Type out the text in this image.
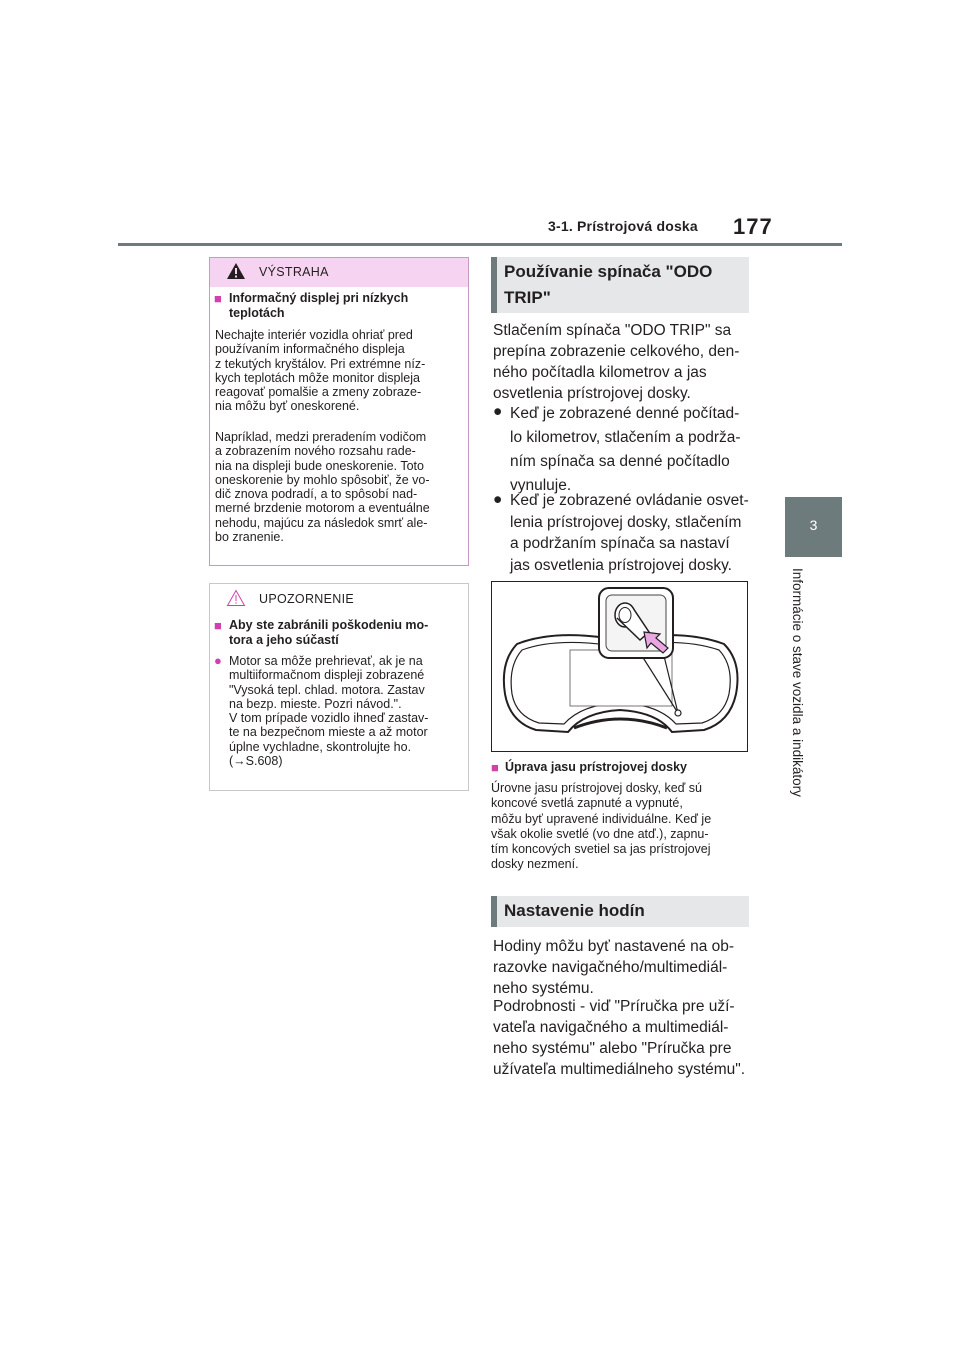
3-1. Prístrojová doska 177
3
Informácie o stave vozidla a indikátory
VÝSTRAHA
■ Informačný displej pri nízkych teplotách
Nechajte interiér vozidla ohriať pred
používaním informačného displeja
z tekutých kryštálov. Pri extrémne níz-
kych teplotách môže monitor displeja
reagovať pomalšie a zmeny zobraze-
nia môžu byť oneskorené.
Napríklad, medzi preradením vodičom
a zobrazením nového rozsahu rade-
nia na displeji bude oneskorenie. Toto
oneskorenie by mohlo spôsobiť, že vo-
dič znova podradí, a to spôsobí nad-
merné brzdenie motorom a eventuálne
nehodu, majúcu za následok smrť ale-
bo zranenie.
UPOZORNENIE
■ Aby ste zabránili poškodeniu mo-
tora a jeho súčastí
● Motor sa môže prehrievať, ak je na
multiiformačnom displeji zobrazené
"Vysoká tepl. chlad. motora. Zastav
na bezp. mieste. Pozri návod.".
V tom prípade vozidlo ihneď zastav-
te na bezpečnom mieste a až motor
úplne vychladne, skontrolujte ho.
(→S.608)
Používanie spínača "ODO
TRIP"
Stlačením spínača "ODO TRIP" sa
prepína zobrazenie celkového, den-
ného počítadla kilometrov a jas
osvetlenia prístrojovej dosky.
● Keď je zobrazené denné počítad-
lo kilometrov, stlačením a podrža-
ním spínača sa denné počítadlo
vynuluje.
● Keď je zobrazené ovládanie osvet-
lenia prístrojovej dosky, stlačením
a podržaním spínača sa nastaví
jas osvetlenia prístrojovej dosky.
■ Úprava jasu prístrojovej dosky
Úrovne jasu prístrojovej dosky, keď sú
koncové svetlá zapnuté a vypnuté,
môžu byť upravené individuálne. Keď je
však okolie svetlé (vo dne atď.), zapnu-
tím koncových svetiel sa jas prístrojovej
dosky nezmení.
Nastavenie hodín
Hodiny môžu byť nastavené na ob-
razovke navigačného/multimediál-
neho systému.
Podrobnosti - viď "Príručka pre uží-
vateľa navigačného a multimediál-
neho systému" alebo "Príručka pre
užívateľa multimediálneho systému".
